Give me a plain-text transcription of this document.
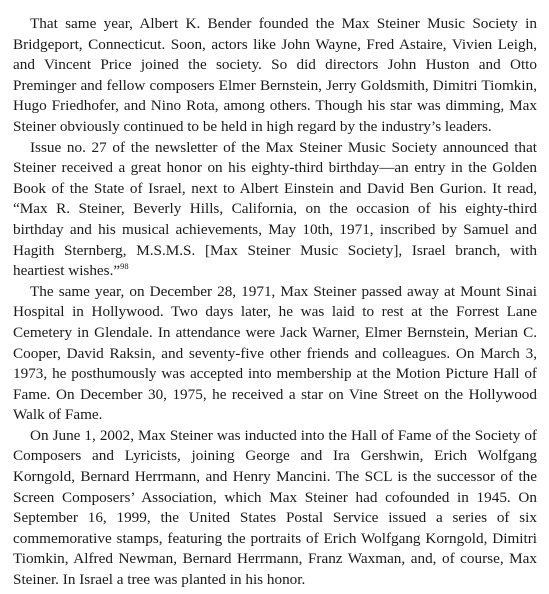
That same year, Albert K. Bender founded the Max Steiner Music Society in Bridgeport, Connecticut. Soon, actors like John Wayne, Fred Astaire, Vivien Leigh, and Vincent Price joined the society. So did directors John Huston and Otto Preminger and fellow composers Elmer Bernstein, Jerry Goldsmith, Dimitri Tiomkin, Hugo Friedhofer, and Nino Rota, among others. Though his star was dimming, Max Steiner obviously continued to be held in high regard by the industry’s leaders.

Issue no. 27 of the newsletter of the Max Steiner Music Society announced that Steiner received a great honor on his eighty-third birthday—an entry in the Golden Book of the State of Israel, next to Albert Einstein and David Ben Gurion. It read, “Max R. Steiner, Beverly Hills, California, on the occasion of his eighty-third birthday and his musical achievements, May 10th, 1971, inscribed by Samuel and Hagith Sternberg, M.S.M.S. [Max Steiner Music Society], Israel branch, with heartiest wishes.”$^{98}$

The same year, on December 28, 1971, Max Steiner passed away at Mount Sinai Hospital in Hollywood. Two days later, he was laid to rest at the Forrest Lane Cemetery in Glendale. In attendance were Jack Warner, Elmer Bernstein, Merian C. Cooper, David Raksin, and seventy-five other friends and colleagues. On March 3, 1973, he posthumously was accepted into membership at the Motion Picture Hall of Fame. On December 30, 1975, he received a star on Vine Street on the Hollywood Walk of Fame.

On June 1, 2002, Max Steiner was inducted into the Hall of Fame of the Society of Composers and Lyricists, joining George and Ira Gershwin, Erich Wolfgang Korngold, Bernard Herrmann, and Henry Mancini. The SCL is the successor of the Screen Composers’ Association, which Max Steiner had cofounded in 1945. On September 16, 1999, the United States Postal Service issued a series of six commemorative stamps, featuring the portraits of Erich Wolfgang Korngold, Dimitri Tiomkin, Alfred Newman, Bernard Herrmann, Franz Waxman, and, of course, Max Steiner. In Israel a tree was planted in his honor.
